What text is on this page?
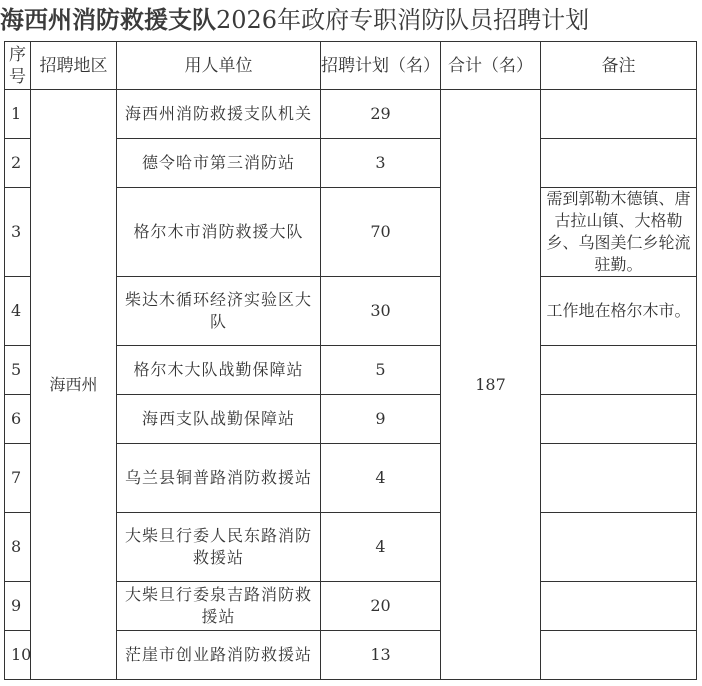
海西州消防救援支队2026年政府专职消防队员招聘计划
序号	招聘地区	用人单位	招聘计划（名）	合计（名）	备注
1	海西州	海西州消防救援支队机关	29	187	
2		德令哈市第三消防站	3		
3		格尔木市消防救援大队	70		需到郭勒木德镇、唐古拉山镇、大格勒乡、乌图美仁乡轮流驻勤。
4		柴达木循环经济实验区大队	30		工作地在格尔木市。
5		格尔木大队战勤保障站	5		
6		海西支队战勤保障站	9		
7		乌兰县铜普路消防救援站	4		
8		大柴旦行委人民东路消防救援站	4		
9		大柴旦行委泉吉路消防救援站	20		
10		茫崖市创业路消防救援站	13		
